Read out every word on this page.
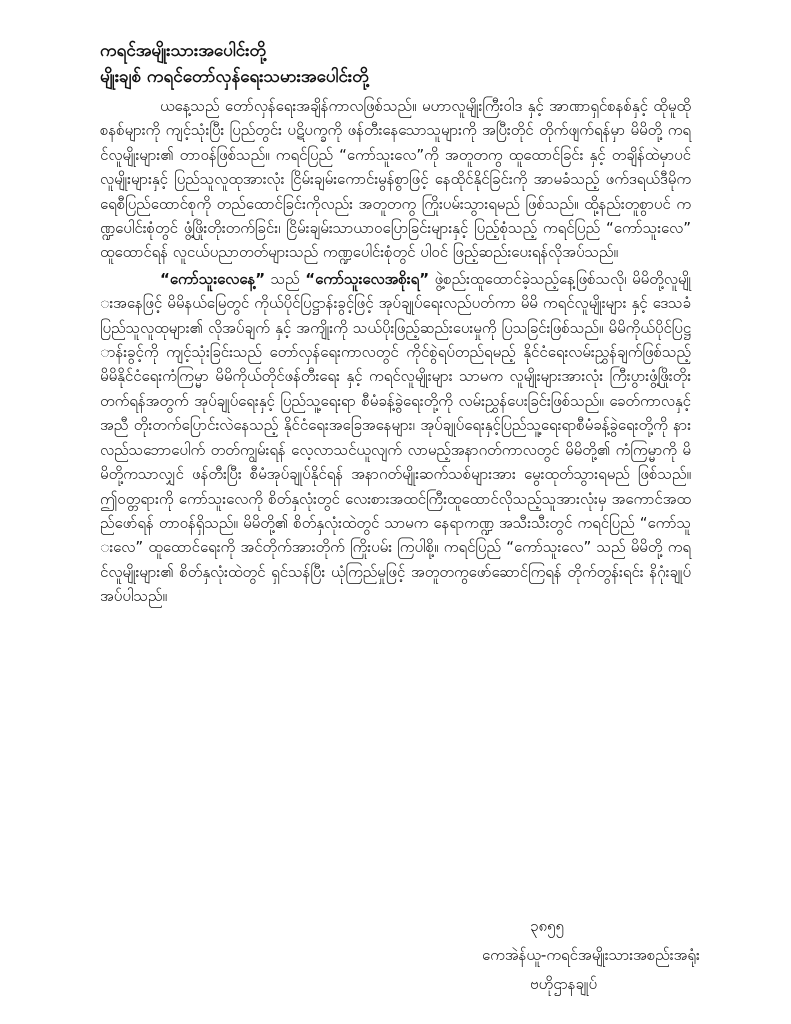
ကရင်အမျိုးသားအပေါင်းတို့

မျိုးချစ် ကရင်တော်လှန်ရေးသမားအပေါင်းတို့

ယနေ့သည် တော်လှန်ရေးအချိန်ကာလဖြစ်သည်။ မဟာလူမျိုးကြီးဝါဒ နှင့် အာဏာရှင်စနစ်နှင့် ထိုမူထိုစနစ်များကို ကျင့်သုံးပြီး ပြည်တွင်း ပဋိပက္ခကို ဖန်တီးနေသောသူများကို အပြီးတိုင် တိုက်ဖျက်ရန်မှာ မိမိတို့ ကရင်လူမျိုးများ၏ တာဝန်ဖြစ်သည်။ ကရင်ပြည် “ကော်သူးလေ”ကို အတူတကွ ထူထောင်ခြင်း နှင့် တချိန်ထဲမှာပင် လူမျိုးများနှင့် ပြည်သူလူထုအားလုံး ငြိမ်းချမ်းကောင်းမွန်စွာဖြင့် နေထိုင်နိုင်ခြင်းကို အာမခံသည့် ဖက်ဒရယ်ဒီမိုကရေစီပြည်ထောင်စုကို တည်ထောင်ခြင်းကိုလည်း အတူတကွ ကြိုးပမ်းသွားရမည် ဖြစ်သည်။ ထို့နည်းတူစွာပင် ကဏ္ဍပေါင်းစုံတွင် ဖွံ့ဖြိုးတိုးတက်ခြင်း၊ ငြိမ်းချမ်းသာယာဝပြောခြင်းများနှင့် ပြည့်စုံသည့် ကရင်ပြည် “ကော်သူးလေ” ထူထောင်ရန် လူငယ်ပညာတတ်များသည် ကဏ္ဍပေါင်းစုံတွင် ပါဝင် ဖြည့်ဆည်းပေးရန်လိုအပ်သည်။

“ကော်သူးလေနေ့” သည် “ကော်သူးလေအစိုးရ” ဖွဲ့စည်းထူထောင်ခဲ့သည့်နေ့ဖြစ်သလို၊ မိမိတို့လူမျိုးအနေဖြင့် မိမိနယ်မြေတွင် ကိုယ်ပိုင်ပြဋ္ဌာန်းခွင့်ဖြင့် အုပ်ချုပ်ရေးလည်ပတ်ကာ မိမိ ကရင်လူမျိုးများ နှင့် ဒေသခံပြည်သူလူထုများ၏ လိုအပ်ချက် နှင့် အကျိုးကို သယ်ပိုးဖြည့်ဆည်းပေးမှုကို ပြသခြင်းဖြစ်သည်။ မိမိကိုယ်ပိုင်ပြဋ္ဌာန်းခွင့်ကို ကျင့်သုံးခြင်းသည် တော်လှန်ရေးကာလတွင် ကိုင်စွဲရပ်တည်ရမည့် နိုင်ငံရေးလမ်းညွှန်ချက်ဖြစ်သည့် မိမိနိုင်ငံရေးကံကြမ္မာ မိမိကိုယ်တိုင်ဖန်တီးရေး နှင့် ကရင်လူမျိုးများ သာမက လူမျိုးများအားလုံး ကြီးပွားဖွံ့ဖြိုးတိုးတက်ရန်အတွက် အုပ်ချုပ်ရေးနှင့် ပြည်သူ့ရေးရာ စီမံခန့်ခွဲရေးတို့ကို လမ်းညွှန်ပေးခြင်းဖြစ်သည်။ ခေတ်ကာလနှင့်အညီ တိုးတက်ပြောင်းလဲနေသည့် နိုင်ငံရေးအခြေအနေများ၊ အုပ်ချုပ်ရေးနှင့်ပြည်သူ့ရေးရာစီမံခန့်ခွဲရေးတို့ကို နားလည်သဘောပေါက် တတ်ကျွမ်းရန် လေ့လာသင်ယူလျက် လာမည့်အနာဂတ်ကာလတွင် မိမိတို့၏ ကံကြမ္မာကို မိမိတို့ကသာလျှင် ဖန်တီးပြီး စီမံအုပ်ချုပ်နိုင်ရန် အနာဂတ်မျိုးဆက်သစ်များအား မွေးထုတ်သွားရမည် ဖြစ်သည်။ ဤဝတ္တရားကို ကော်သူးလေကို စိတ်နှလုံးတွင် လေးစားအထင်ကြီးထူထောင်လိုသည့်သူအားလုံးမှ အကောင်အထည်ဖော်ရန် တာဝန်ရှိသည်။ မိမိတို့၏ စိတ်နှလုံးထဲတွင် သာမက နေရာကဏ္ဍ အသီးသီးတွင် ကရင်ပြည် “ကော်သူးလေ” ထူထောင်ရေးကို အင်တိုက်အားတိုက် ကြိုးပမ်း ကြပါစို့။ ကရင်ပြည် “ကော်သူးလေ” သည် မိမိတို့ ကရင်လူမျိုးများ၏ စိတ်နှလုံးထဲတွင် ရှင်သန်ပြီး ယုံကြည်မှုဖြင့် အတူတကွဖော်ဆောင်ကြရန် တိုက်တွန်းရင်း နိဂုံးချုပ်အပ်ပါသည်။

၃၈၅၅
ကေအဲန်ယူ-ကရင်အမျိုးသားအစည်းအရုံး
ဗဟိုဌာနချုပ်
